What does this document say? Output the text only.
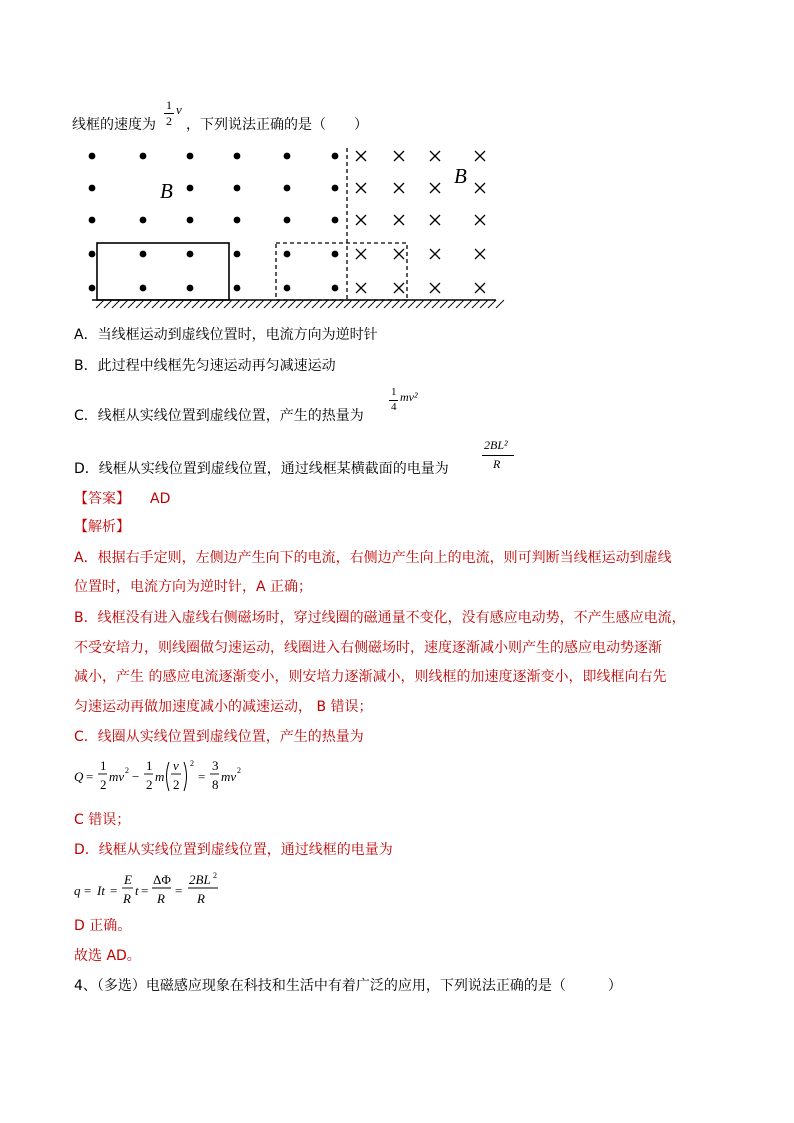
线框的速度为
1
2
v
，下列说法正确的是（　　）
B
B
A．当线框运动到虚线位置时，电流方向为逆时针
B．此过程中线框先匀速运动再匀减速运动
C．线框从实线位置到虚线位置，产生的热量为
1
4
mv²
D．线框从实线位置到虚线位置，通过线框某横截面的电量为
2BL²
R
【答案】 AD
【解析】
A．根据右手定则，左侧边产生向下的电流，右侧边产生向上的电流，则可判断当线框运动到虚线
位置时，电流方向为逆时针，A 正确；
B．线框没有进入虚线右侧磁场时，穿过线圈的磁通量不变化，没有感应电动势，不产生感应电流，
不受安培力，则线圈做匀速运动，线圈进入右侧磁场时，速度逐渐减小则产生的感应电动势逐渐
减小，产生 的感应电流逐渐变小，则安培力逐渐减小，则线框的加速度逐渐变小，即线框向右先
匀速运动再做加速度减小的减速运动， B 错误；
C．线圈从实线位置到虚线位置，产生的热量为
Q =
1
2
mv 2 −
1
2
m
v
2
2
=
3
8
mv 2
C 错误；
D．线框从实线位置到虚线位置，通过线框的电量为
q = It =
E
R
t =
ΔΦ
R
=
2BL 2
R
D 正确。
故选 AD。
4、（多选）电磁感应现象在科技和生活中有着广泛的应用，下列说法正确的是（　　　）
